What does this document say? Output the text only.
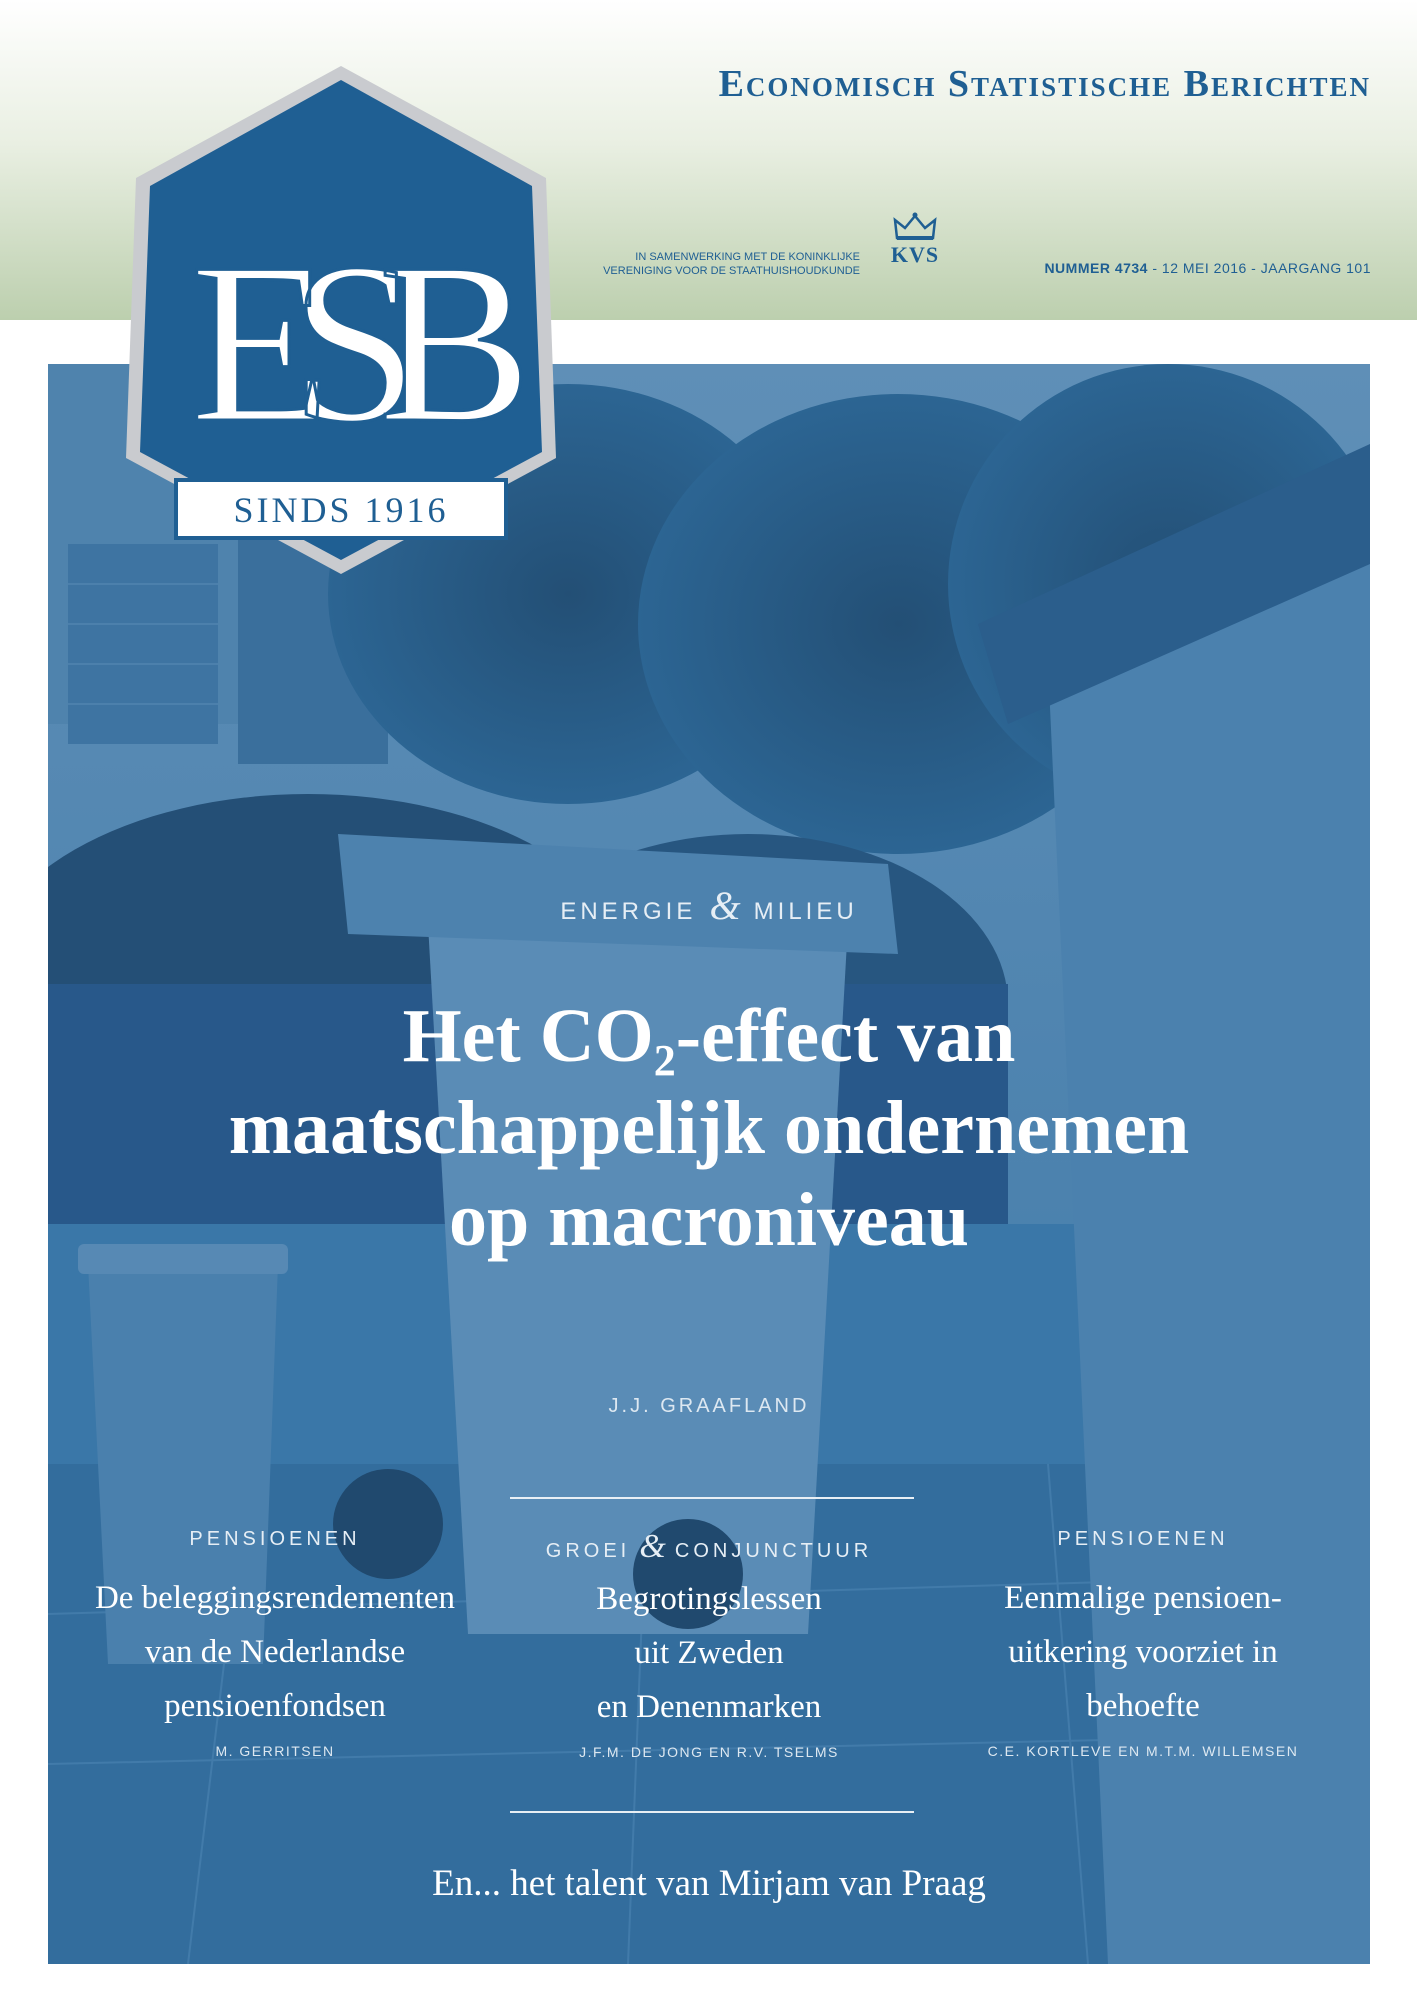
Economisch Statistische Berichten
IN SAMENWERKING MET DE KONINKLIJKE
VERENIGING VOOR DE STAATHUISHOUDKUNDE
KVS
NUMMER 4734 - 12 MEI 2016 - JAARGANG 101
ESB
SINDS 1916
ENERGIE & MILIEU
Het $CO_2$-effect van
maatschappelijk ondernemen
op macroniveau
J.J. GRAAFLAND
PENSIOENEN
De beleggingsrendementen
van de Nederlandse
pensioenfondsen
M. GERRITSEN
GROEI & CONJUNCTUUR
Begrotingslessen
uit Zweden
en Denenmarken
J.F.M. DE JONG EN R.V. TSELMS
PENSIOENEN
Eenmalige pensioen-
uitkering voorziet in
behoefte
C.E. KORTLEVE EN M.T.M. WILLEMSEN
En... het talent van Mirjam van Praag
